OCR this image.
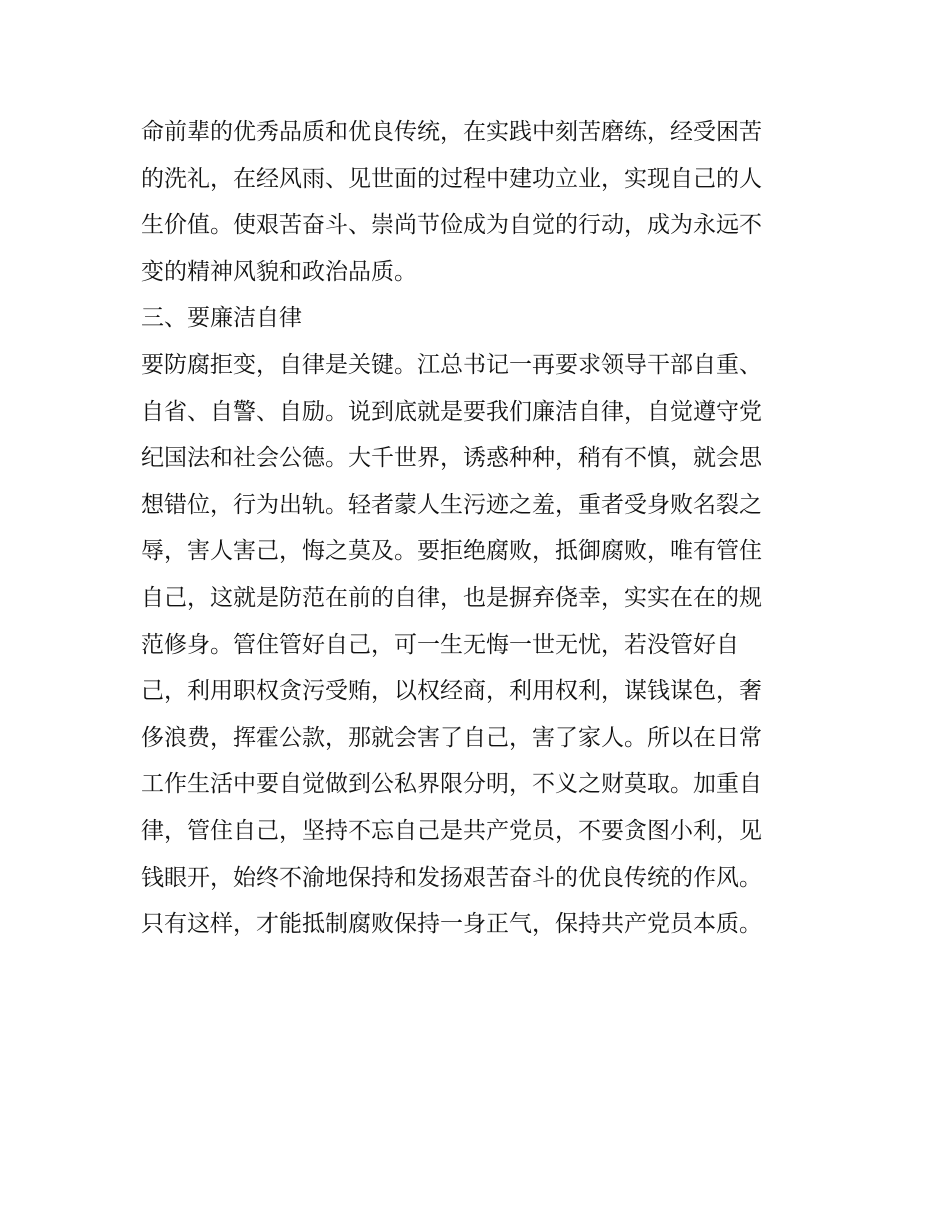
命前辈的优秀品质和优良传统，在实践中刻苦磨练，经受困苦
的洗礼，在经风雨、见世面的过程中建功立业，实现自己的人
生价值。使艰苦奋斗、崇尚节俭成为自觉的行动，成为永远不
变的精神风貌和政治品质。
三、要廉洁自律
要防腐拒变，自律是关键。江总书记一再要求领导干部自重、
自省、自警、自励。说到底就是要我们廉洁自律，自觉遵守党
纪国法和社会公德。大千世界，诱惑种种，稍有不慎，就会思
想错位，行为出轨。轻者蒙人生污迹之羞，重者受身败名裂之
辱，害人害己，悔之莫及。要拒绝腐败，抵御腐败，唯有管住
自己，这就是防范在前的自律，也是摒弃侥幸，实实在在的规
范修身。管住管好自己，可一生无悔一世无忧，若没管好自
己，利用职权贪污受贿，以权经商，利用权利，谋钱谋色，奢
侈浪费，挥霍公款，那就会害了自己，害了家人。所以在日常
工作生活中要自觉做到公私界限分明，不义之财莫取。加重自
律，管住自己，坚持不忘自己是共产党员，不要贪图小利，见
钱眼开，始终不渝地保持和发扬艰苦奋斗的优良传统的作风。
只有这样，才能抵制腐败保持一身正气，保持共产党员本质。
